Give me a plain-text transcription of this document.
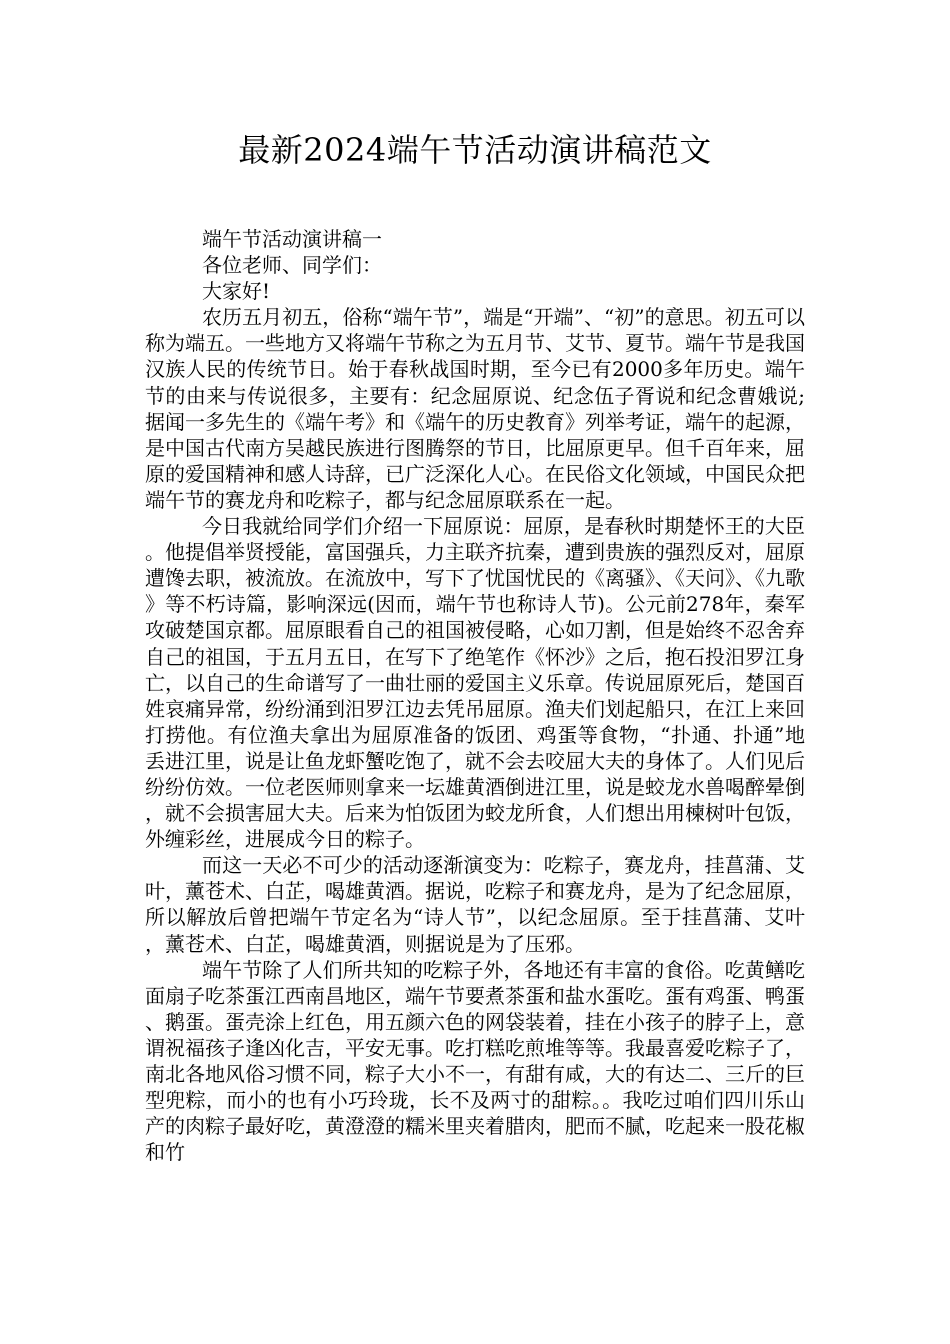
最新2024端午节活动演讲稿范文

端午节活动演讲稿一

各位老师、同学们：

大家好!

农历五月初五，俗称“端午节”，端是“开端”、“初”的意思。初五可以称为端五。一些地方又将端午节称之为五月节、艾节、夏节。端午节是我国汉族人民的传统节日。始于春秋战国时期，至今已有2000多年历史。端午节的由来与传说很多，主要有：纪念屈原说、纪念伍子胥说和纪念曹娥说;据闻一多先生的《端午考》和《端午的历史教育》列举考证，端午的起源，是中国古代南方吴越民族进行图腾祭的节日，比屈原更早。但千百年来，屈原的爱国精神和感人诗辞，已广泛深化人心。在民俗文化领域，中国民众把端午节的赛龙舟和吃粽子，都与纪念屈原联系在一起。

今日我就给同学们介绍一下屈原说：屈原，是春秋时期楚怀王的大臣。他提倡举贤授能，富国强兵，力主联齐抗秦，遭到贵族的强烈反对，屈原遭馋去职，被流放。在流放中，写下了忧国忧民的《离骚》、《天问》、《九歌》等不朽诗篇，影响深远(因而，端午节也称诗人节)。公元前278年，秦军攻破楚国京都。屈原眼看自己的祖国被侵略，心如刀割，但是始终不忍舍弃自己的祖国，于五月五日，在写下了绝笔作《怀沙》之后，抱石投汨罗江身亡，以自己的生命谱写了一曲壮丽的爱国主义乐章。传说屈原死后，楚国百姓哀痛异常，纷纷涌到汨罗江边去凭吊屈原。渔夫们划起船只，在江上来回打捞他。有位渔夫拿出为屈原准备的饭团、鸡蛋等食物，“扑通、扑通”地丢进江里，说是让鱼龙虾蟹吃饱了，就不会去咬屈大夫的身体了。人们见后纷纷仿效。一位老医师则拿来一坛雄黄酒倒进江里，说是蛟龙水兽喝醉晕倒，就不会损害屈大夫。后来为怕饭团为蛟龙所食，人们想出用楝树叶包饭，外缠彩丝，进展成今日的粽子。

而这一天必不可少的活动逐渐演变为：吃粽子，赛龙舟，挂菖蒲、艾叶，薰苍术、白芷，喝雄黄酒。据说，吃粽子和赛龙舟，是为了纪念屈原，所以解放后曾把端午节定名为“诗人节”，以纪念屈原。至于挂菖蒲、艾叶，薰苍术、白芷，喝雄黄酒，则据说是为了压邪。

端午节除了人们所共知的吃粽子外，各地还有丰富的食俗。吃黄鳝吃面扇子吃茶蛋江西南昌地区，端午节要煮茶蛋和盐水蛋吃。蛋有鸡蛋、鸭蛋、鹅蛋。蛋壳涂上红色，用五颜六色的网袋装着，挂在小孩子的脖子上，意谓祝福孩子逢凶化吉，平安无事。吃打糕吃煎堆等等。我最喜爱吃粽子了，南北各地风俗习惯不同，粽子大小不一，有甜有咸，大的有达二、三斤的巨型兜粽，而小的也有小巧玲珑，长不及两寸的甜粽。。我吃过咱们四川乐山产的肉粽子最好吃，黄澄澄的糯米里夹着腊肉，肥而不腻，吃起来一股花椒和竹
